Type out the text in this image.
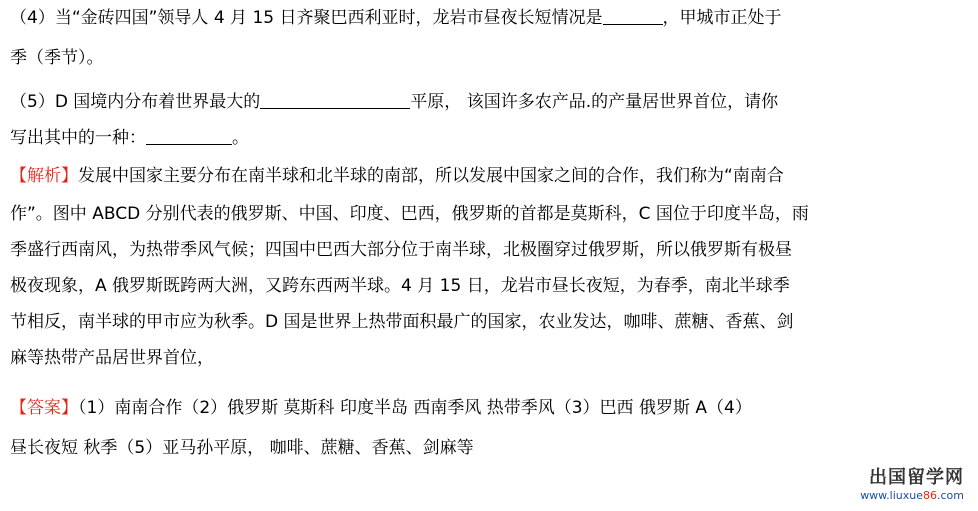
（4）当“金砖四国”领导人 4 月 15 日齐聚巴西利亚时，龙岩市昼夜长短情况是	，甲城市正处于
季（季节）。
（5）D 国境内分布着世界最大的	平原， 该国许多农产品.的产量居世界首位，请你
写出其中的一种：	。
【解析】发展中国家主要分布在南半球和北半球的南部，所以发展中国家之间的合作，我们称为“南南合
作”。图中 ABCD 分别代表的俄罗斯、中国、印度、巴西，俄罗斯的首都是莫斯科，C 国位于印度半岛，雨
季盛行西南风，为热带季风气候；四国中巴西大部分位于南半球，北极圈穿过俄罗斯，所以俄罗斯有极昼
极夜现象，A 俄罗斯既跨两大洲，又跨东西两半球。4 月 15 日，龙岩市昼长夜短，为春季，南北半球季
节相反，南半球的甲市应为秋季。D 国是世界上热带面积最广的国家，农业发达，咖啡、蔗糖、香蕉、剑
麻等热带产品居世界首位，
【答案】（1）南南合作（2）俄罗斯 莫斯科 印度半岛 西南季风 热带季风（3）巴西 俄罗斯 A（4）
昼长夜短 秋季（5）亚马孙平原， 咖啡、蔗糖、香蕉、剑麻等
出国留学网
www.liuxue86.com
